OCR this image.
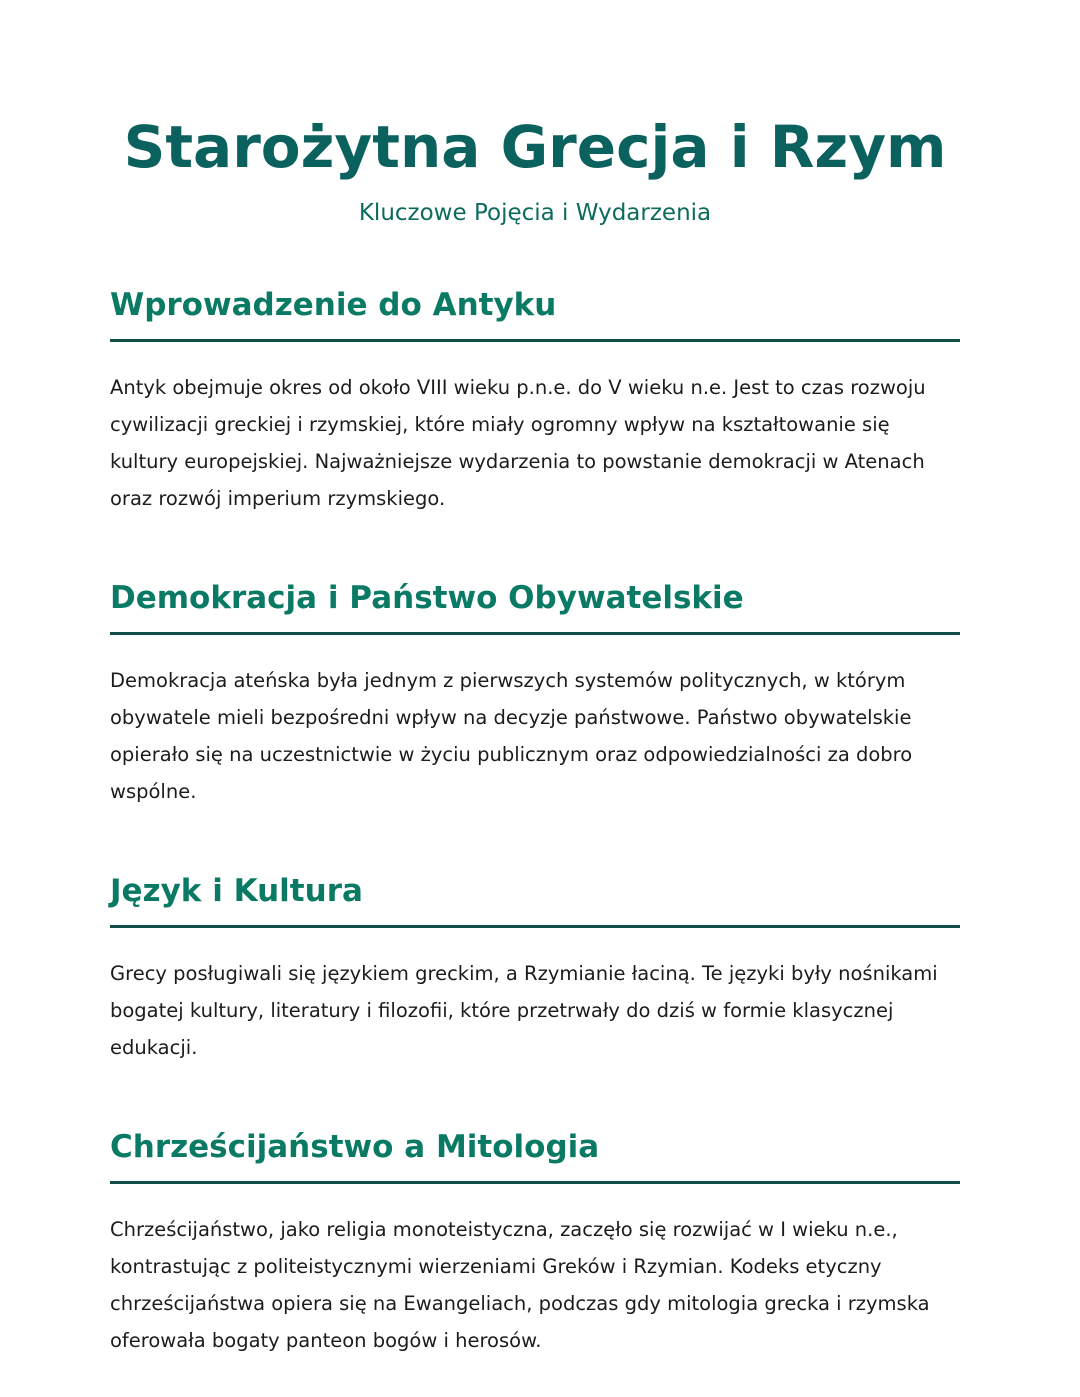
Starożytna Grecja i Rzym
Kluczowe Pojęcia i Wydarzenia
Wprowadzenie do Antyku

Antyk obejmuje okres od około VIII wieku p.n.e. do V wieku n.e. Jest to czas rozwoju cywilizacji greckiej i rzymskiej, które miały ogromny wpływ na kształtowanie się kultury europejskiej. Najważniejsze wydarzenia to powstanie demokracji w Atenach oraz rozwój imperium rzymskiego.

Demokracja i Państwo Obywatelskie

Demokracja ateńska była jednym z pierwszych systemów politycznych, w którym obywatele mieli bezpośredni wpływ na decyzje państwowe. Państwo obywatelskie opierało się na uczestnictwie w życiu publicznym oraz odpowiedzialności za dobro wspólne.

Język i Kultura

Grecy posługiwali się językiem greckim, a Rzymianie łaciną. Te języki były nośnikami bogatej kultury, literatury i filozofii, które przetrwały do dziś w formie klasycznej edukacji.

Chrześcijaństwo a Mitologia

Chrześcijaństwo, jako religia monoteistyczna, zaczęło się rozwijać w I wieku n.e., kontrastując z politeistycznymi wierzeniami Greków i Rzymian. Kodeks etyczny chrześcijaństwa opiera się na Ewangeliach, podczas gdy mitologia grecka i rzymska oferowała bogaty panteon bogów i herosów.
